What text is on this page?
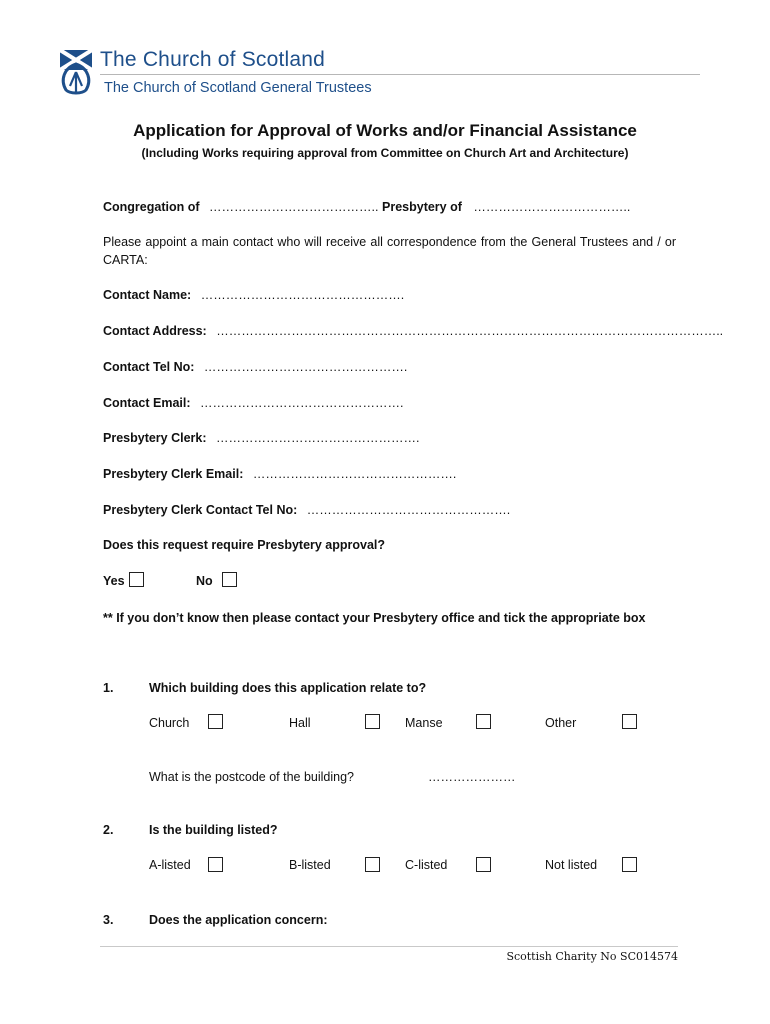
The Church of Scotland
The Church of Scotland General Trustees
Application for Approval of Works and/or Financial Assistance
(Including Works requiring approval from Committee on Church Art and Architecture)
Congregation of ………………………………….. Presbytery of ………………………………..
Please appoint a main contact who will receive all correspondence from the General Trustees and / or CARTA:
Contact Name: ………………………………………….
Contact Address: …………………………………………………………………………………………………………..
Contact Tel No: ………………………………………….
Contact Email: ………………………………………….
Presbytery Clerk: ………………………………………….
Presbytery Clerk Email: ………………………………………….
Presbytery Clerk Contact Tel No: ………………………………………….
Does this request require Presbytery approval?
Yes	No
** If you don’t know then please contact your Presbytery office and tick the appropriate box
1.	Which building does this application relate to?
Church	Hall	Manse	Other
What is the postcode of the building?	…………………
2.	Is the building listed?
A-listed	B-listed	C-listed	Not listed
3.	Does the application concern:
Scottish Charity No SC014574
